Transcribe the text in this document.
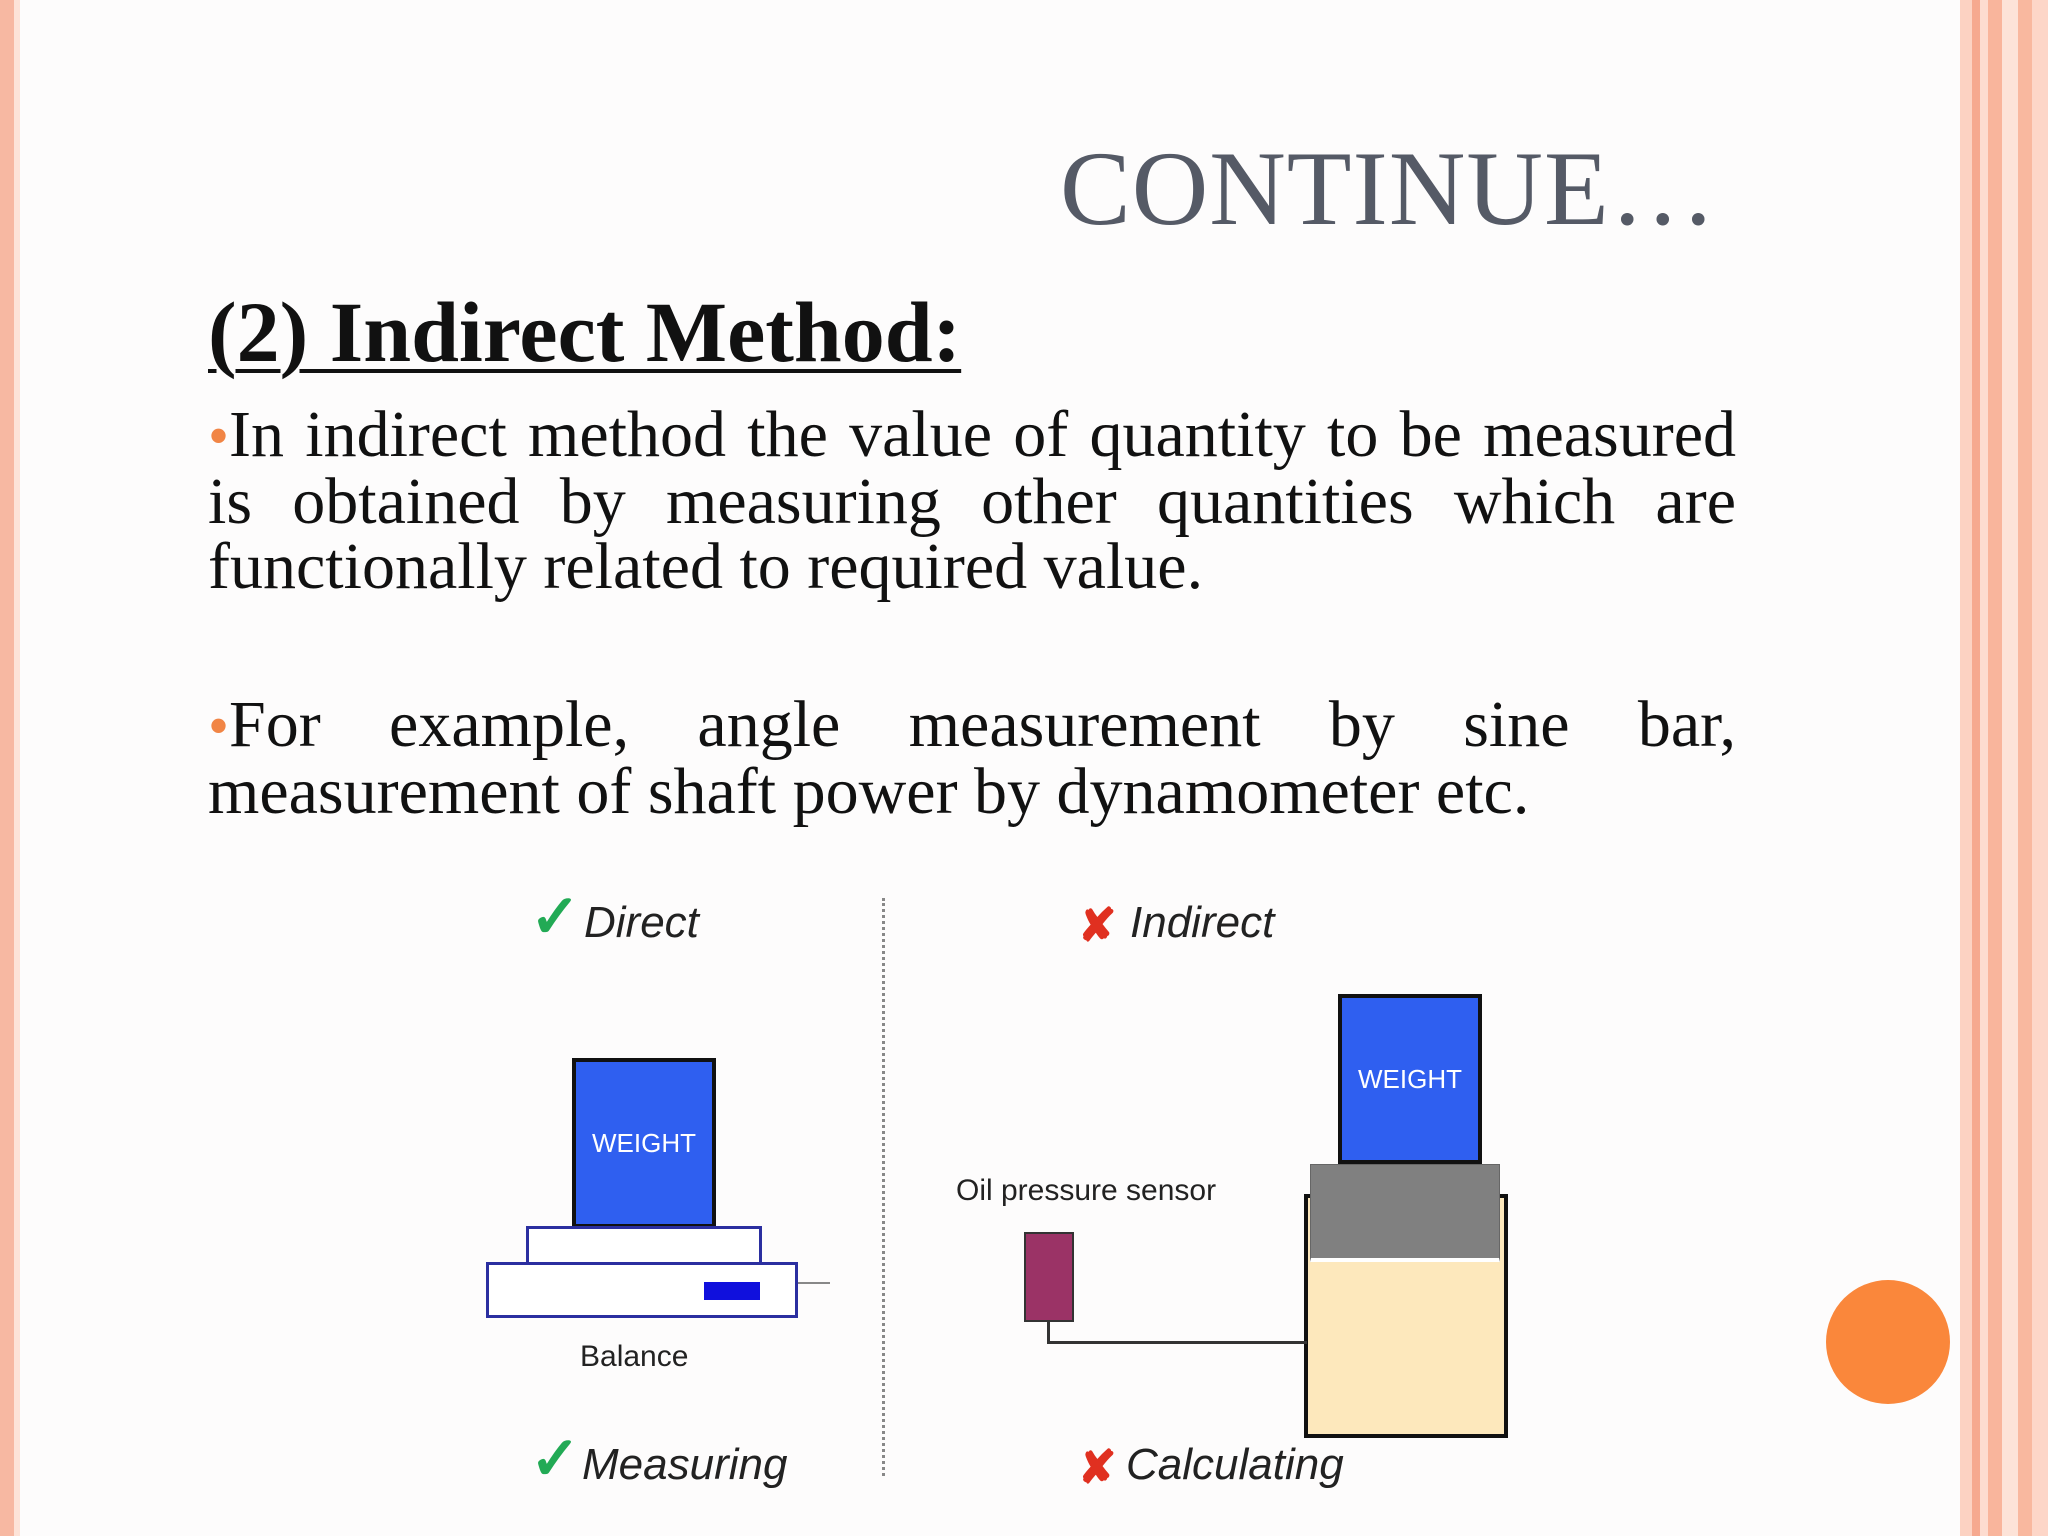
CONTINUE…
(2) Indirect Method:
•In indirect method the value of quantity to be measured is obtained by measuring other quantities which are functionally related to required value.
•For example, angle measurement by sine bar, measurement of shaft power by dynamometer etc.
✓ Direct	✘ Indirect
WEIGHT
Balance
✓ Measuring
WEIGHT
Oil pressure sensor
✘ Calculating
